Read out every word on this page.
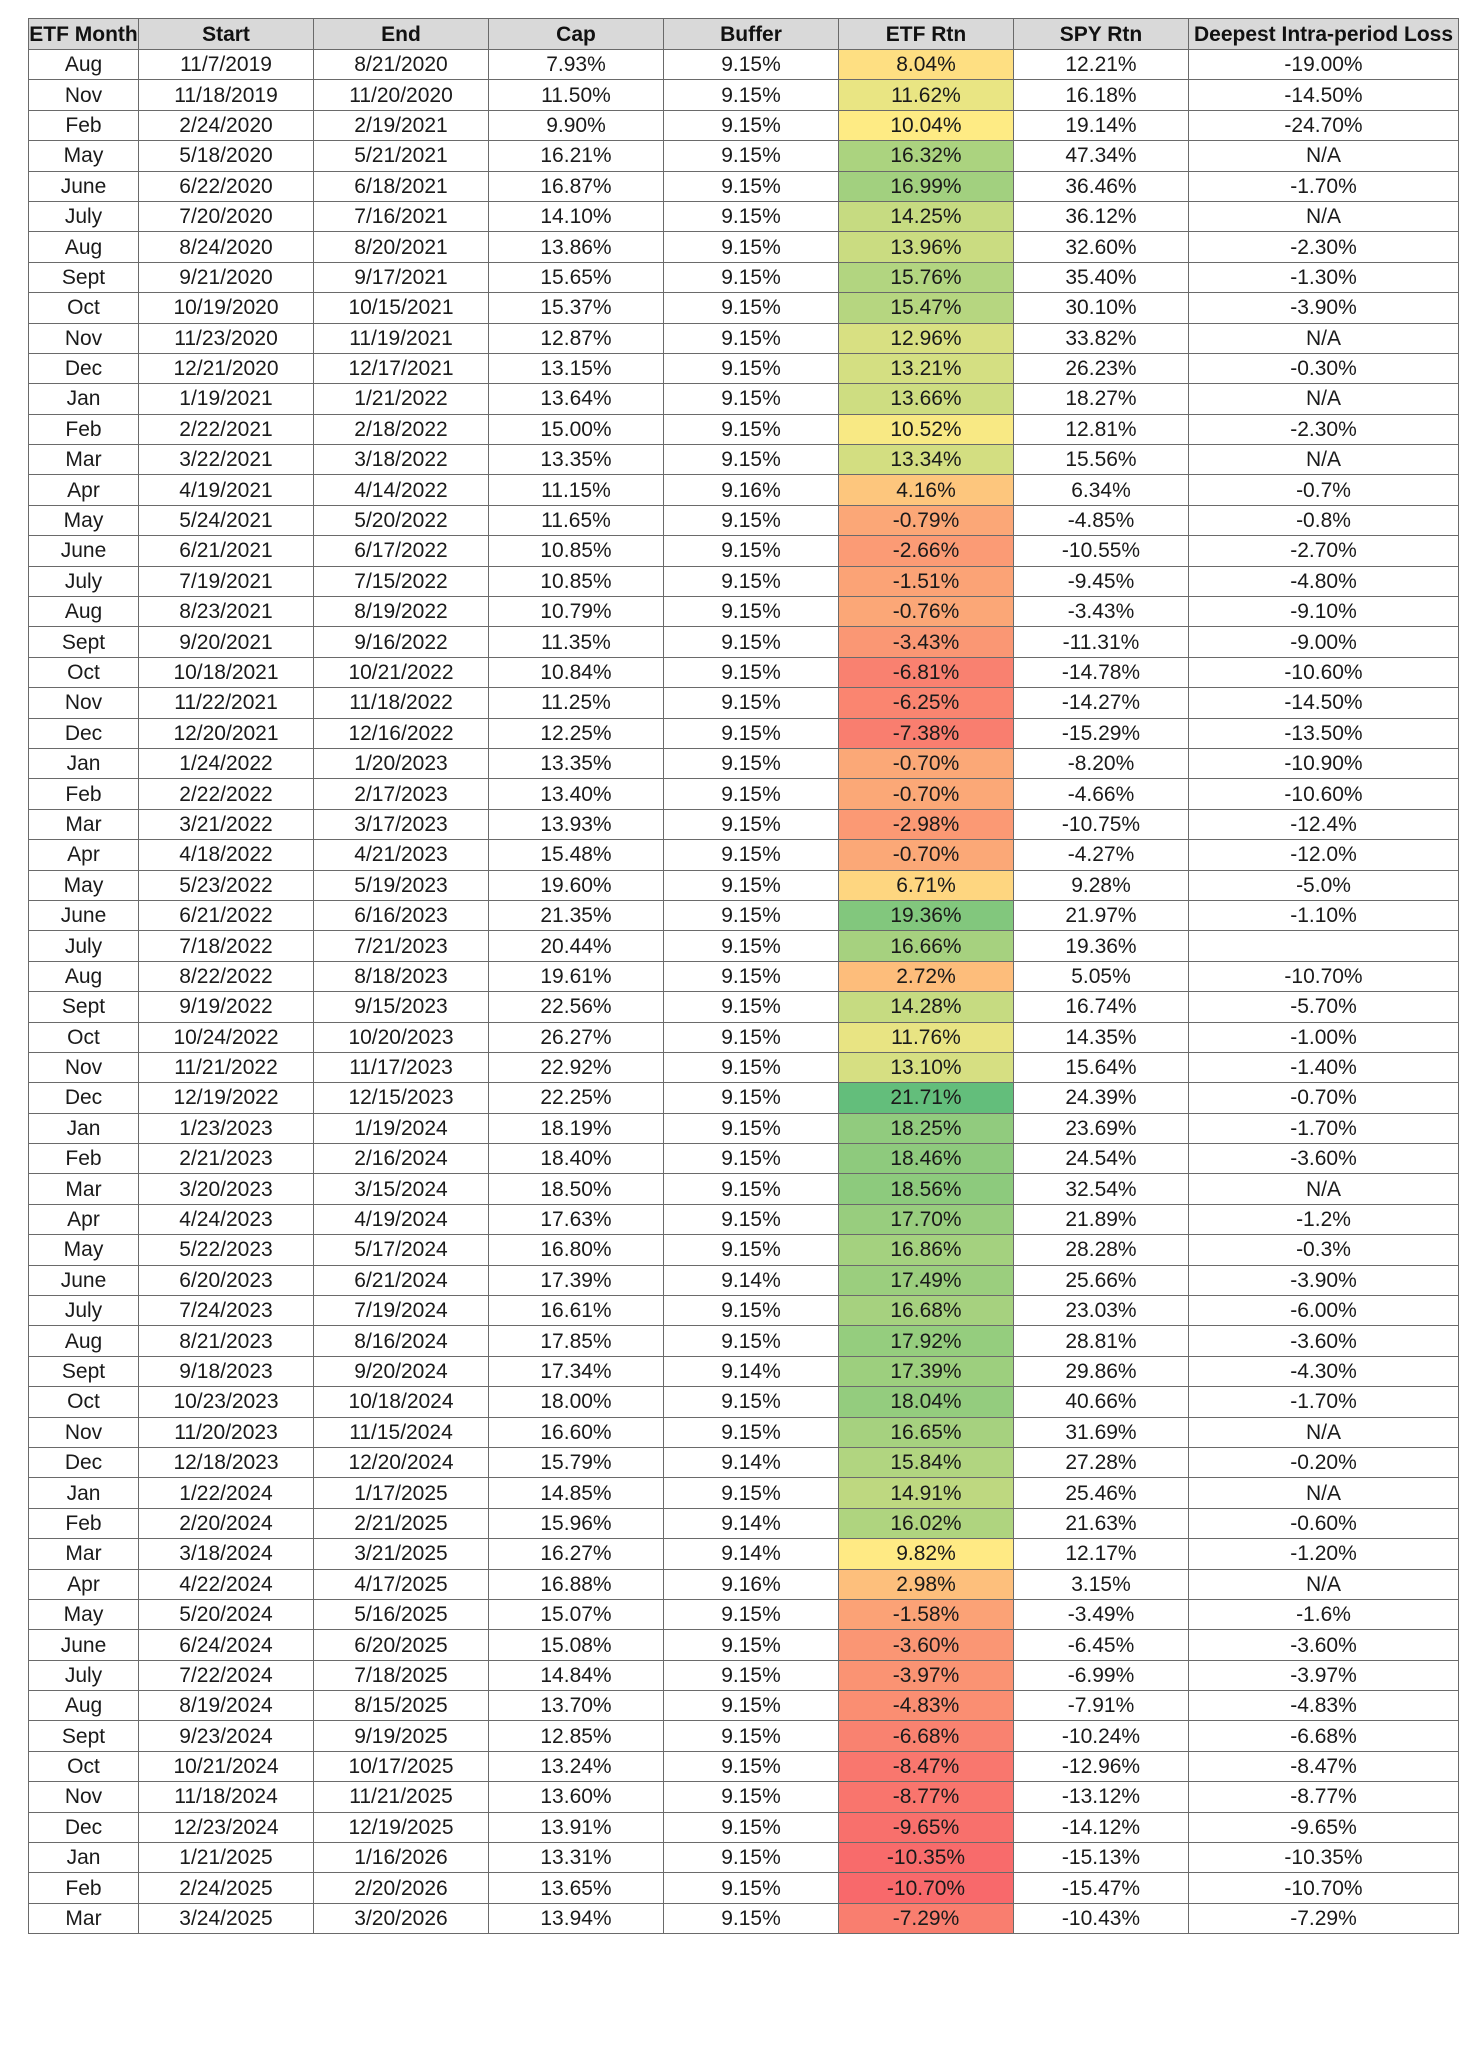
ETF Month	Start	End	Cap	Buffer	ETF Rtn	SPY Rtn	Deepest Intra-period Loss
Aug	11/7/2019	8/21/2020	7.93%	9.15%	8.04%	12.21%	-19.00%
Nov	11/18/2019	11/20/2020	11.50%	9.15%	11.62%	16.18%	-14.50%
Feb	2/24/2020	2/19/2021	9.90%	9.15%	10.04%	19.14%	-24.70%
May	5/18/2020	5/21/2021	16.21%	9.15%	16.32%	47.34%	N/A
June	6/22/2020	6/18/2021	16.87%	9.15%	16.99%	36.46%	-1.70%
July	7/20/2020	7/16/2021	14.10%	9.15%	14.25%	36.12%	N/A
Aug	8/24/2020	8/20/2021	13.86%	9.15%	13.96%	32.60%	-2.30%
Sept	9/21/2020	9/17/2021	15.65%	9.15%	15.76%	35.40%	-1.30%
Oct	10/19/2020	10/15/2021	15.37%	9.15%	15.47%	30.10%	-3.90%
Nov	11/23/2020	11/19/2021	12.87%	9.15%	12.96%	33.82%	N/A
Dec	12/21/2020	12/17/2021	13.15%	9.15%	13.21%	26.23%	-0.30%
Jan	1/19/2021	1/21/2022	13.64%	9.15%	13.66%	18.27%	N/A
Feb	2/22/2021	2/18/2022	15.00%	9.15%	10.52%	12.81%	-2.30%
Mar	3/22/2021	3/18/2022	13.35%	9.15%	13.34%	15.56%	N/A
Apr	4/19/2021	4/14/2022	11.15%	9.16%	4.16%	6.34%	-0.7%
May	5/24/2021	5/20/2022	11.65%	9.15%	-0.79%	-4.85%	-0.8%
June	6/21/2021	6/17/2022	10.85%	9.15%	-2.66%	-10.55%	-2.70%
July	7/19/2021	7/15/2022	10.85%	9.15%	-1.51%	-9.45%	-4.80%
Aug	8/23/2021	8/19/2022	10.79%	9.15%	-0.76%	-3.43%	-9.10%
Sept	9/20/2021	9/16/2022	11.35%	9.15%	-3.43%	-11.31%	-9.00%
Oct	10/18/2021	10/21/2022	10.84%	9.15%	-6.81%	-14.78%	-10.60%
Nov	11/22/2021	11/18/2022	11.25%	9.15%	-6.25%	-14.27%	-14.50%
Dec	12/20/2021	12/16/2022	12.25%	9.15%	-7.38%	-15.29%	-13.50%
Jan	1/24/2022	1/20/2023	13.35%	9.15%	-0.70%	-8.20%	-10.90%
Feb	2/22/2022	2/17/2023	13.40%	9.15%	-0.70%	-4.66%	-10.60%
Mar	3/21/2022	3/17/2023	13.93%	9.15%	-2.98%	-10.75%	-12.4%
Apr	4/18/2022	4/21/2023	15.48%	9.15%	-0.70%	-4.27%	-12.0%
May	5/23/2022	5/19/2023	19.60%	9.15%	6.71%	9.28%	-5.0%
June	6/21/2022	6/16/2023	21.35%	9.15%	19.36%	21.97%	-1.10%
July	7/18/2022	7/21/2023	20.44%	9.15%	16.66%	19.36%	
Aug	8/22/2022	8/18/2023	19.61%	9.15%	2.72%	5.05%	-10.70%
Sept	9/19/2022	9/15/2023	22.56%	9.15%	14.28%	16.74%	-5.70%
Oct	10/24/2022	10/20/2023	26.27%	9.15%	11.76%	14.35%	-1.00%
Nov	11/21/2022	11/17/2023	22.92%	9.15%	13.10%	15.64%	-1.40%
Dec	12/19/2022	12/15/2023	22.25%	9.15%	21.71%	24.39%	-0.70%
Jan	1/23/2023	1/19/2024	18.19%	9.15%	18.25%	23.69%	-1.70%
Feb	2/21/2023	2/16/2024	18.40%	9.15%	18.46%	24.54%	-3.60%
Mar	3/20/2023	3/15/2024	18.50%	9.15%	18.56%	32.54%	N/A
Apr	4/24/2023	4/19/2024	17.63%	9.15%	17.70%	21.89%	-1.2%
May	5/22/2023	5/17/2024	16.80%	9.15%	16.86%	28.28%	-0.3%
June	6/20/2023	6/21/2024	17.39%	9.14%	17.49%	25.66%	-3.90%
July	7/24/2023	7/19/2024	16.61%	9.15%	16.68%	23.03%	-6.00%
Aug	8/21/2023	8/16/2024	17.85%	9.15%	17.92%	28.81%	-3.60%
Sept	9/18/2023	9/20/2024	17.34%	9.14%	17.39%	29.86%	-4.30%
Oct	10/23/2023	10/18/2024	18.00%	9.15%	18.04%	40.66%	-1.70%
Nov	11/20/2023	11/15/2024	16.60%	9.15%	16.65%	31.69%	N/A
Dec	12/18/2023	12/20/2024	15.79%	9.14%	15.84%	27.28%	-0.20%
Jan	1/22/2024	1/17/2025	14.85%	9.15%	14.91%	25.46%	N/A
Feb	2/20/2024	2/21/2025	15.96%	9.14%	16.02%	21.63%	-0.60%
Mar	3/18/2024	3/21/2025	16.27%	9.14%	9.82%	12.17%	-1.20%
Apr	4/22/2024	4/17/2025	16.88%	9.16%	2.98%	3.15%	N/A
May	5/20/2024	5/16/2025	15.07%	9.15%	-1.58%	-3.49%	-1.6%
June	6/24/2024	6/20/2025	15.08%	9.15%	-3.60%	-6.45%	-3.60%
July	7/22/2024	7/18/2025	14.84%	9.15%	-3.97%	-6.99%	-3.97%
Aug	8/19/2024	8/15/2025	13.70%	9.15%	-4.83%	-7.91%	-4.83%
Sept	9/23/2024	9/19/2025	12.85%	9.15%	-6.68%	-10.24%	-6.68%
Oct	10/21/2024	10/17/2025	13.24%	9.15%	-8.47%	-12.96%	-8.47%
Nov	11/18/2024	11/21/2025	13.60%	9.15%	-8.77%	-13.12%	-8.77%
Dec	12/23/2024	12/19/2025	13.91%	9.15%	-9.65%	-14.12%	-9.65%
Jan	1/21/2025	1/16/2026	13.31%	9.15%	-10.35%	-15.13%	-10.35%
Feb	2/24/2025	2/20/2026	13.65%	9.15%	-10.70%	-15.47%	-10.70%
Mar	3/24/2025	3/20/2026	13.94%	9.15%	-7.29%	-10.43%	-7.29%
